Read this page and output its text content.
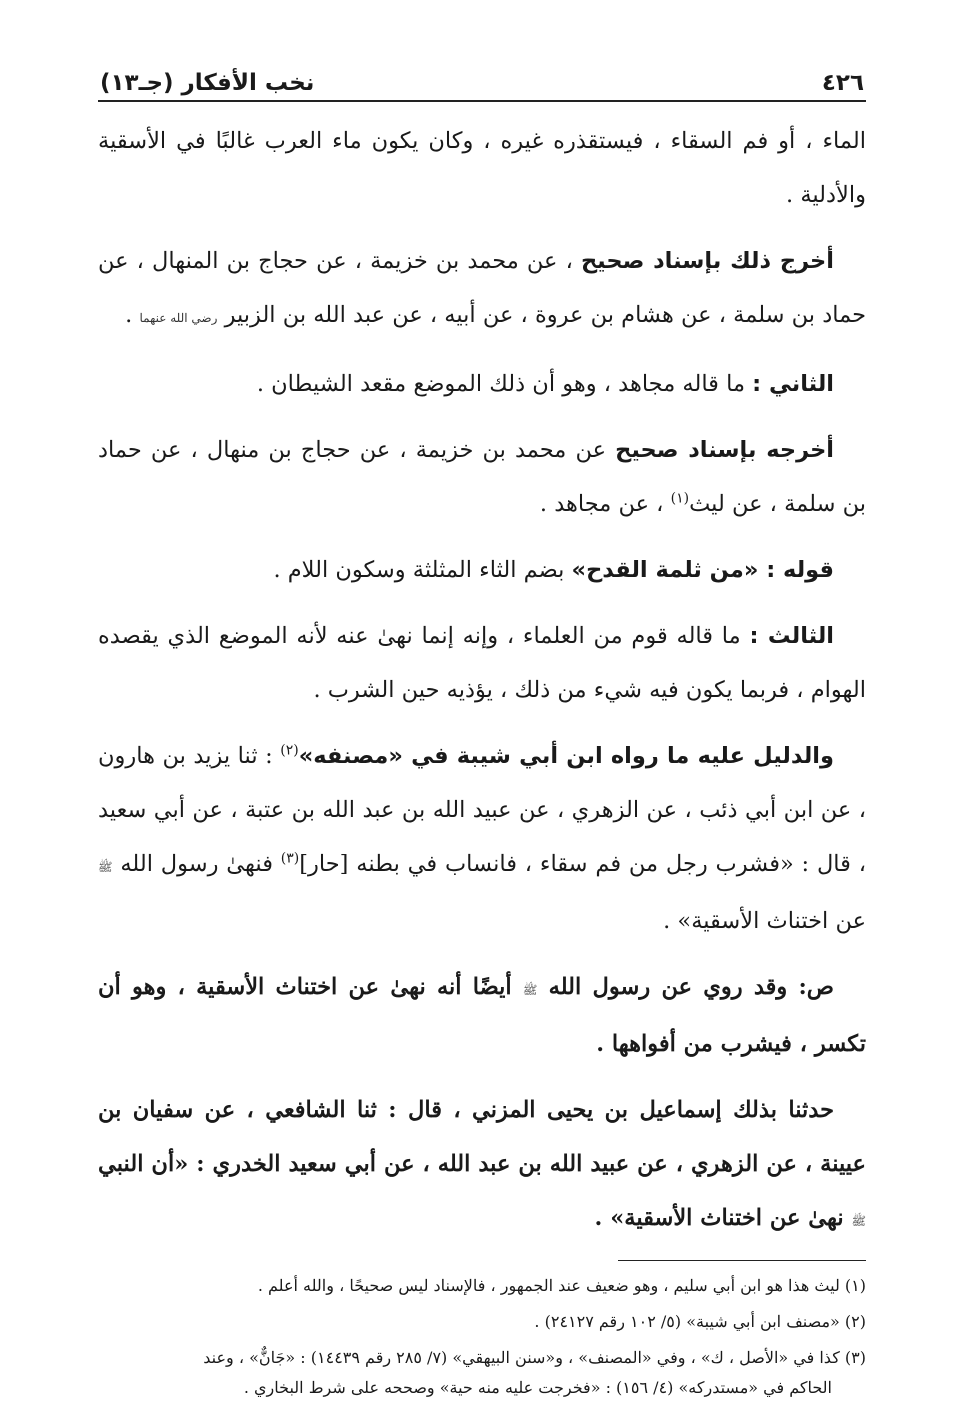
٤٢٦
نخب الأفكار (جـ١٣)

الماء ، أو فم السقاء ، فيستقذره غيره ، وكان يكون ماء العرب غالبًا في الأسقية والأدلية .

أخرج ذلك بإسناد صحيح ، عن محمد بن خزيمة ، عن حجاج بن المنهال ، عن حماد بن سلمة ، عن هشام بن عروة ، عن أبيه ، عن عبد الله بن الزبير رضي الله عنهما .

الثاني : ما قاله مجاهد ، وهو أن ذلك الموضع مقعد الشيطان .

أخرجه بإسناد صحيح عن محمد بن خزيمة ، عن حجاج بن منهال ، عن حماد بن سلمة ، عن ليث$^{(١)}$ ، عن مجاهد .

قوله : «من ثلمة القدح» بضم الثاء المثلثة وسكون اللام .

الثالث : ما قاله قوم من العلماء ، وإنه إنما نهىٰ عنه لأنه الموضع الذي يقصده الهوام ، فربما يكون فيه شيء من ذلك ، يؤذيه حين الشرب .

والدليل عليه ما رواه ابن أبي شيبة في «مصنفه»$^{(٢)}$ : ثنا يزيد بن هارون ، عن ابن أبي ذئب ، عن الزهري ، عن عبيد الله بن عبد الله بن عتبة ، عن أبي سعيد ، قال : «فشرب رجل من فم سقاء ، فانساب في بطنه [حار]$^{(٣)}$ فنهىٰ رسول الله ﷺ عن اختناث الأسقية» .

ص: وقد روي عن رسول الله ﷺ أيضًا أنه نهىٰ عن اختناث الأسقية ، وهو أن تكسر ، فيشرب من أفواهها .

حدثنا بذلك إسماعيل بن يحيى المزني ، قال : ثنا الشافعي ، عن سفيان بن عيينة ، عن الزهري ، عن عبيد الله بن عبد الله ، عن أبي سعيد الخدري : «أن النبي ﷺ نهىٰ عن اختناث الأسقية» .

(١) ليث هذا هو ابن أبي سليم ، وهو ضعيف عند الجمهور ، فالإسناد ليس صحيحًا ، والله أعلم .
(٢) «مصنف ابن أبي شيبة» (٥/ ١٠٢ رقم ٢٤١٢٧) .
(٣) كذا في «الأصل ، ك» ، وفي «المصنف» ، و«سنن البيهقي» (٧/ ٢٨٥ رقم ١٤٤٣٩) : «جَانٌّ» ، وعند
الحاكم في «مستدركه» (٤/ ١٥٦) : «فخرجت عليه منه حية» وصححه على شرط البخاري .
